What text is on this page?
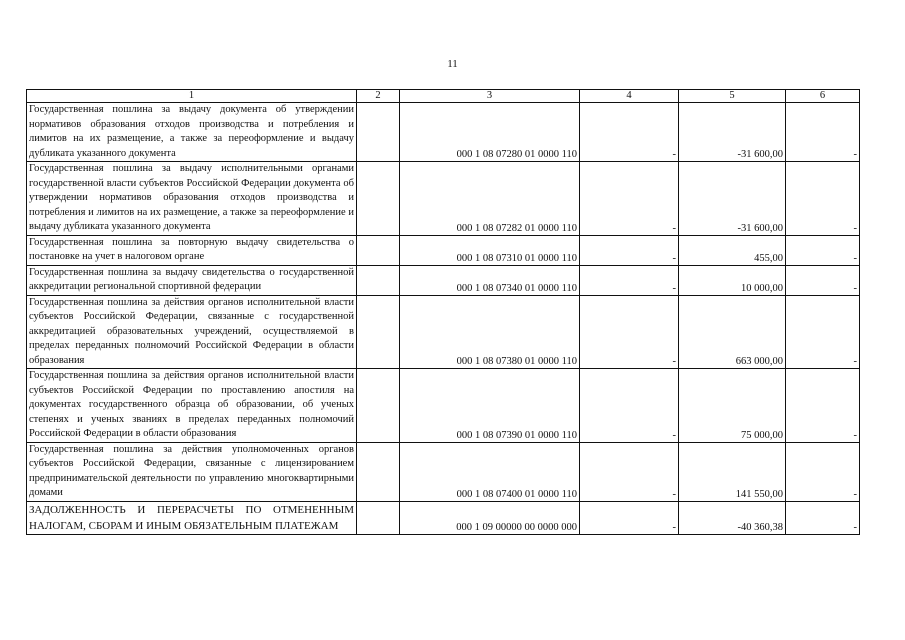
11
1	2	3	4	5	6
Государственная пошлина за выдачу документа об утверждении нормативов образования отходов производства и потребления и лимитов на их размещение, а также за переоформление и выдачу дубликата указанного документа		000 1 08 07280 01 0000 110	-	-31 600,00	-
Государственная пошлина за выдачу исполнительными органами государственной власти субъектов Российской Федерации документа об утверждении нормативов образования отходов производства и потребления и лимитов на их размещение, а также за переоформление и выдачу дубликата указанного документа		000 1 08 07282 01 0000 110	-	-31 600,00	-
Государственная пошлина за повторную выдачу свидетельства о постановке на учет в налоговом органе		000 1 08 07310 01 0000 110	-	455,00	-
Государственная пошлина за выдачу свидетельства о государственной аккредитации региональной спортивной федерации		000 1 08 07340 01 0000 110	-	10 000,00	-
Государственная пошлина за действия органов исполнительной власти субъектов Российской Федерации, связанные с государственной аккредитацией образовательных учреждений, осуществляемой в пределах переданных полномочий Российской Федерации в области образования		000 1 08 07380 01 0000 110	-	663 000,00	-
Государственная пошлина за действия органов исполнительной власти субъектов Российской Федерации по проставлению апостиля на документах государственного образца об образовании, об ученых степенях и ученых званиях в пределах переданных полномочий Российской Федерации в области образования		000 1 08 07390 01 0000 110	-	75 000,00	-
Государственная пошлина за действия уполномоченных органов субъектов Российской Федерации, связанные с лицензированием предпринимательской деятельности по управлению многоквартирными домами		000 1 08 07400 01 0000 110	-	141 550,00	-
ЗАДОЛЖЕННОСТЬ И ПЕРЕРАСЧЕТЫ ПО ОТМЕНЕННЫМ НАЛОГАМ, СБОРАМ И ИНЫМ ОБЯЗАТЕЛЬНЫМ ПЛАТЕЖАМ		000 1 09 00000 00 0000 000	-	-40 360,38	-
